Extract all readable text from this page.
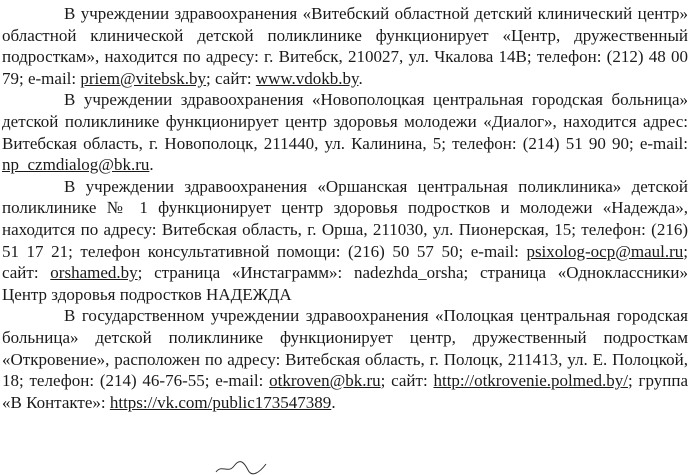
В учреждении здравоохранения «Витебский областной детский клинический центр» областной клинической детской поликлинике функционирует «Центр, дружественный подросткам», находится по адресу: г. Витебск, 210027, ул. Чкалова 14В; телефон: (212) 48 00 79; e-mail: priem@vitebsk.by; сайт: www.vdokb.by.

В учреждении здравоохранения «Новополоцкая центральная городская больница» детской поликлинике функционирует центр здоровья молодежи «Диалог», находится адрес: Витебская область, г. Новополоцк, 211440, ул. Калинина, 5; телефон: (214) 51 90 90; e-mail: np_czmdialog@bk.ru.

В учреждении здравоохранения «Оршанская центральная поликлиника» детской поликлинике № 1 функционирует центр здоровья подростков и молодежи «Надежда», находится по адресу: Витебская область, г. Орша, 211030, ул. Пионерская, 15; телефон: (216) 51 17 21; телефон консультативной помощи: (216) 50 57 50; e-mail: psixolog-ocp@maul.ru; сайт: orshamed.by; страница «Инстаграмм»: nadezhda_orsha; страница «Одноклассники» Центр здоровья подростков НАДЕЖДА

В государственном учреждении здравоохранения «Полоцкая центральная городская больница» детской поликлинике функционирует центр, дружественный подросткам «Откровение», расположен по адресу: Витебская область, г. Полоцк, 211413, ул. Е. Полоцкой, 18; телефон: (214) 46-76-55; e-mail: otkroven@bk.ru; сайт: http://otkrovenie.polmed.by/; группа «В Контакте»: https://vk.com/public173547389.
